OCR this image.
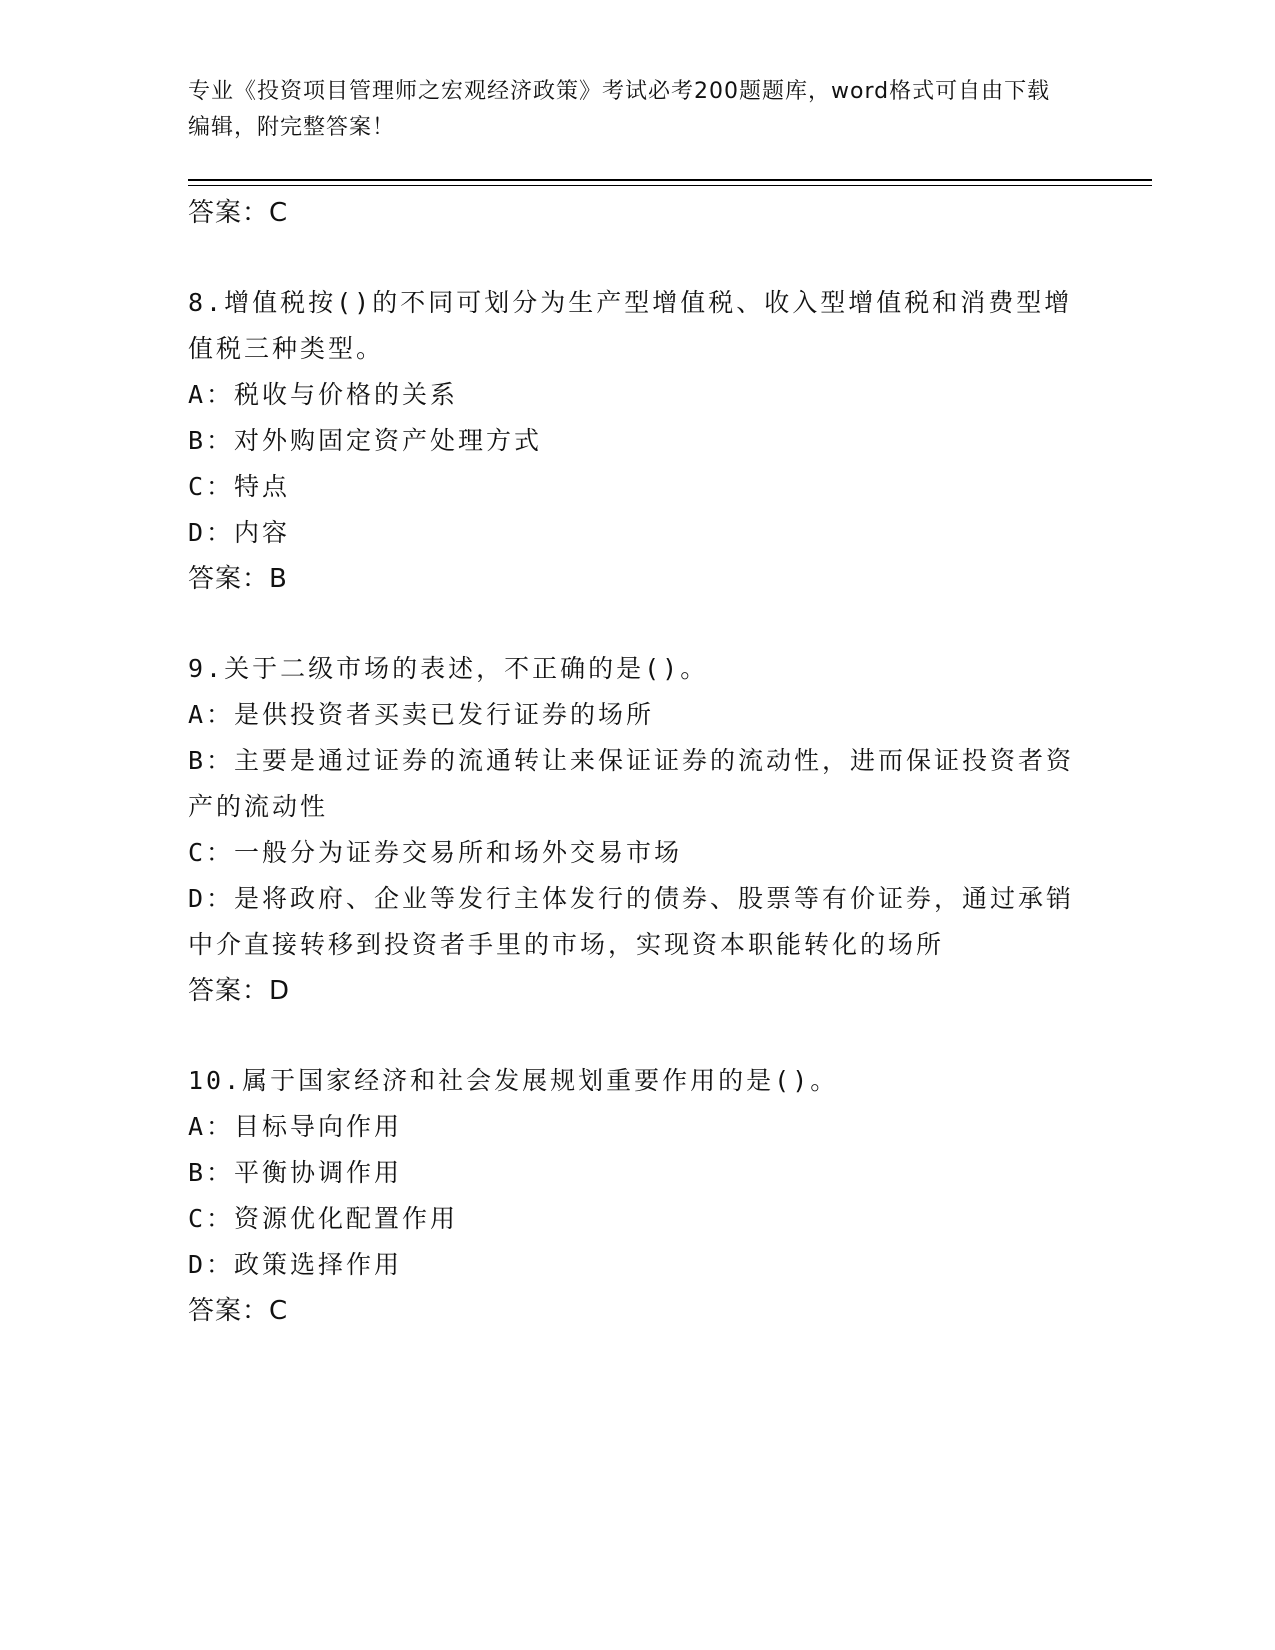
专业《投资项目管理师之宏观经济政策》考试必考200题题库，word格式可自由下载编辑，附完整答案！
答案：C
8.增值税按()的不同可划分为生产型增值税、收入型增值税和消费型增值税三种类型。
A：税收与价格的关系
B：对外购固定资产处理方式
C：特点
D：内容
答案：B
9.关于二级市场的表述，不正确的是()。
A：是供投资者买卖已发行证券的场所
B：主要是通过证券的流通转让来保证证券的流动性，进而保证投资者资产的流动性
C：一般分为证券交易所和场外交易市场
D：是将政府、企业等发行主体发行的债券、股票等有价证券，通过承销中介直接转移到投资者手里的市场，实现资本职能转化的场所
答案：D
10.属于国家经济和社会发展规划重要作用的是()。
A：目标导向作用
B：平衡协调作用
C：资源优化配置作用
D：政策选择作用
答案：C
